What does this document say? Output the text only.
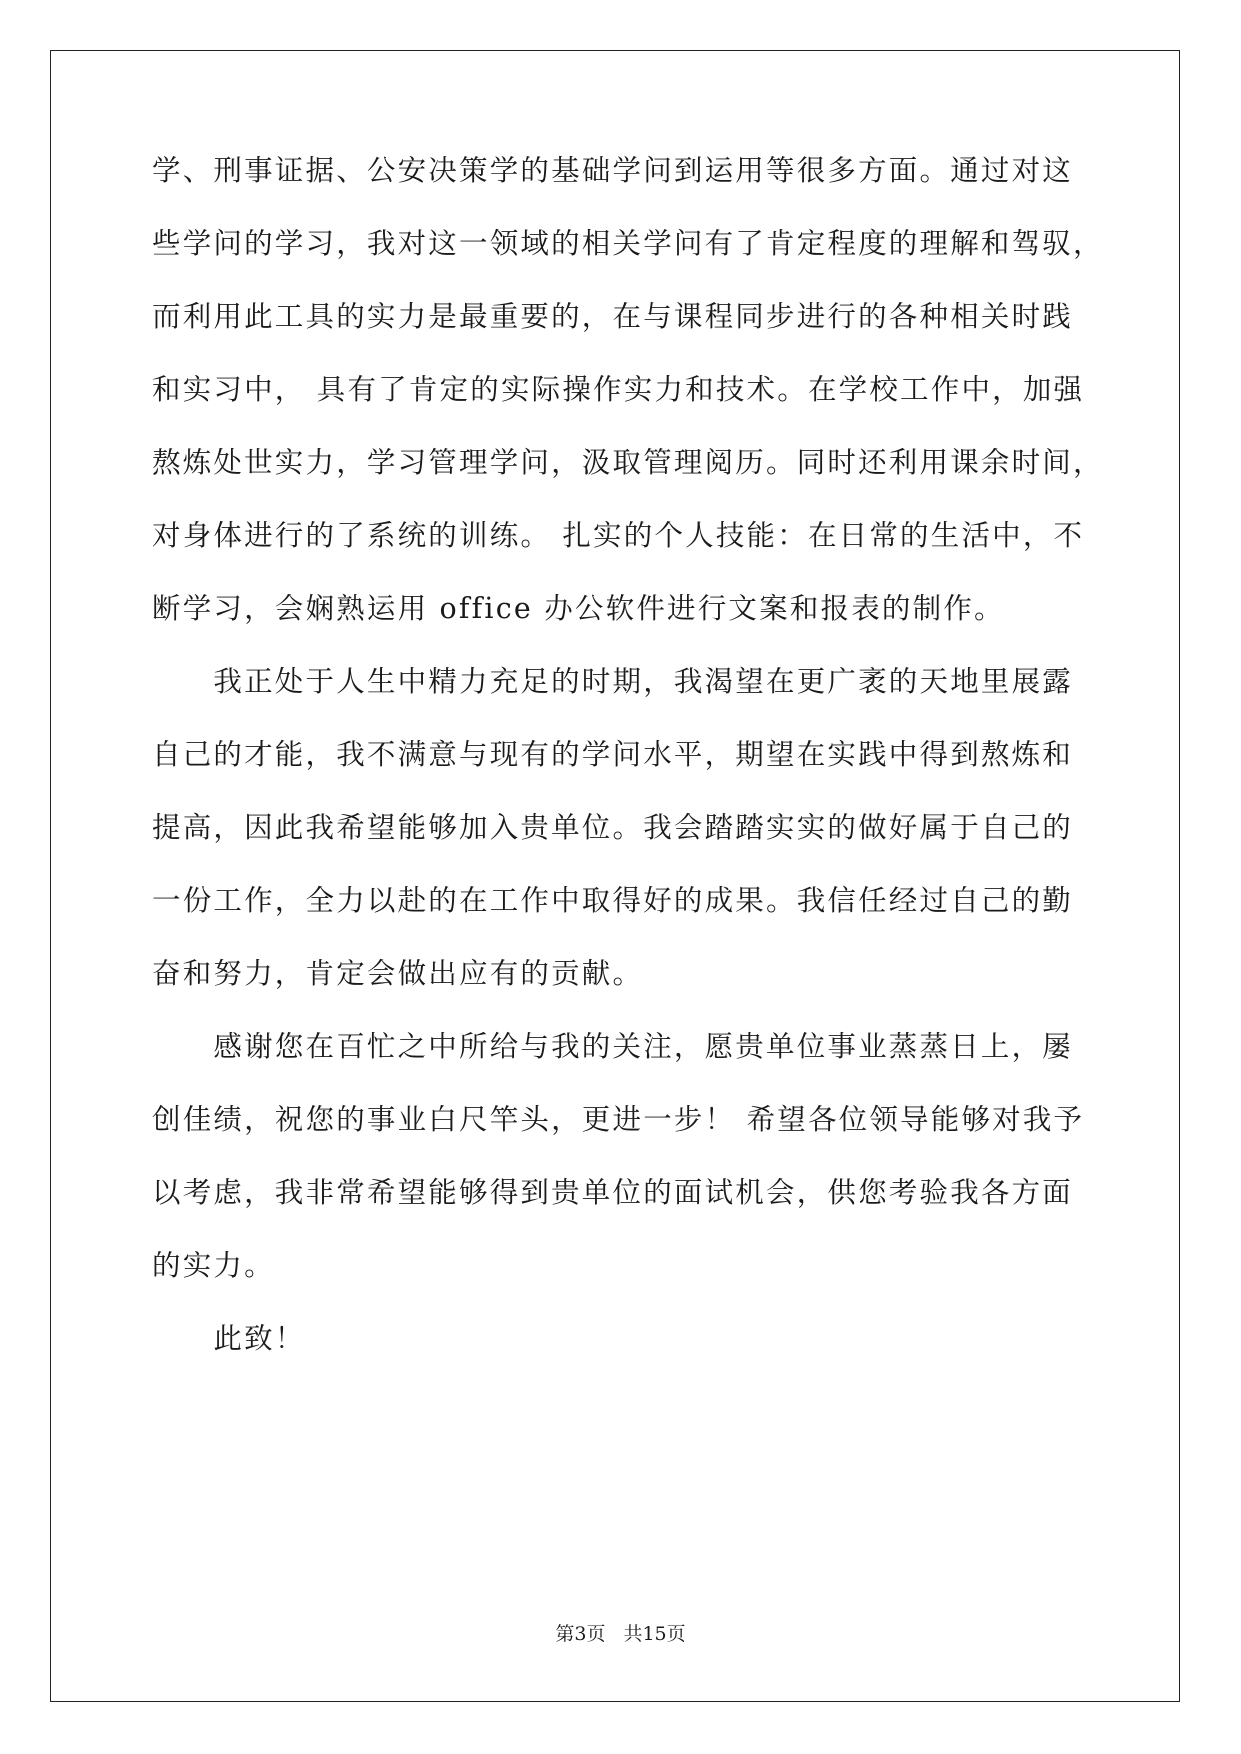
学、刑事证据、公安决策学的基础学问到运用等很多方面。通过对这
些学问的学习，我对这一领域的相关学问有了肯定程度的理解和驾驭，
而利用此工具的实力是最重要的，在与课程同步进行的各种相关时践
和实习中， 具有了肯定的实际操作实力和技术。在学校工作中，加强
熬炼处世实力，学习管理学问，汲取管理阅历。同时还利用课余时间，
对身体进行的了系统的训练。 扎实的个人技能：在日常的生活中，不
断学习，会娴熟运用 office 办公软件进行文案和报表的制作。
　　我正处于人生中精力充足的时期，我渴望在更广袤的天地里展露
自己的才能，我不满意与现有的学问水平，期望在实践中得到熬炼和
提高，因此我希望能够加入贵单位。我会踏踏实实的做好属于自己的
一份工作，全力以赴的在工作中取得好的成果。我信任经过自己的勤
奋和努力，肯定会做出应有的贡献。
　　感谢您在百忙之中所给与我的关注，愿贵单位事业蒸蒸日上，屡
创佳绩，祝您的事业白尺竿头，更进一步！ 希望各位领导能够对我予
以考虑，我非常希望能够得到贵单位的面试机会，供您考验我各方面
的实力。
　　此致！
第3页 共15页
